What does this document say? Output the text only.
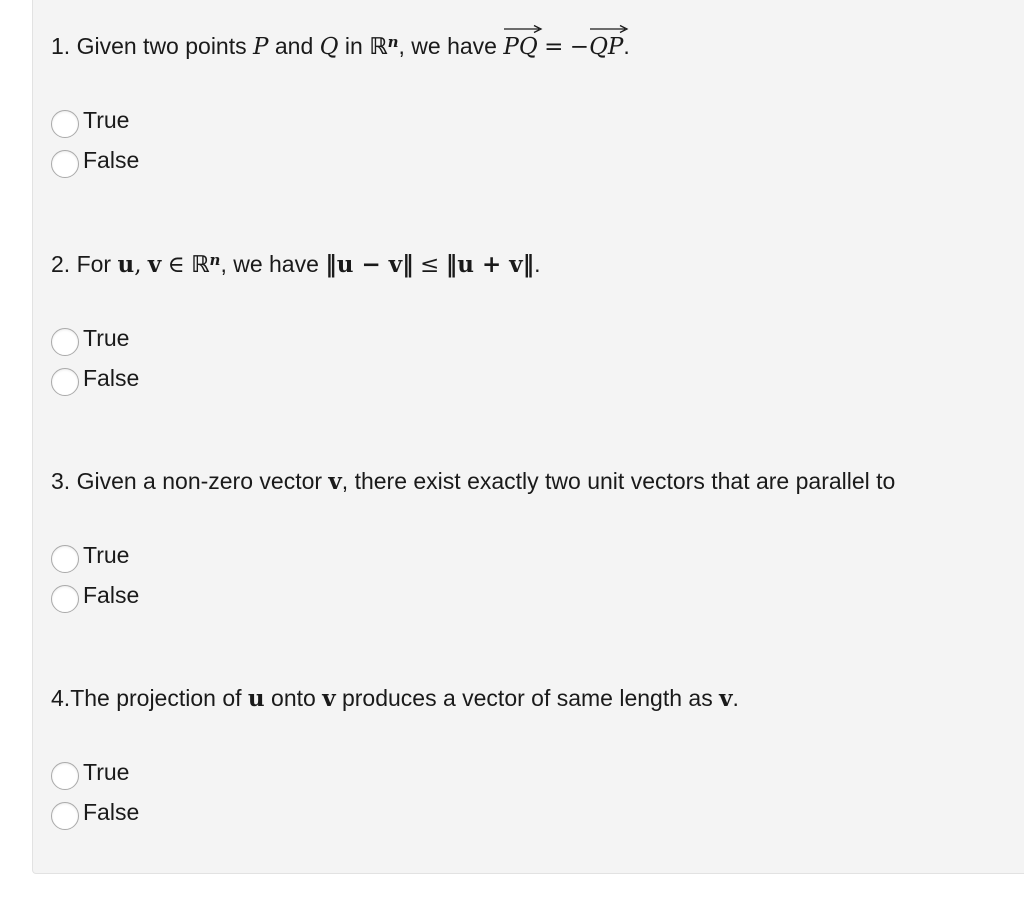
1. Given two points P and Q in ℝ$^n$, we have PQ = −
QP.
True
False
2. For u, v ∈ ℝ$^n$, we have ‖u − v‖ ≤ ‖u + v‖.
True
False
3. Given a non-zero vector v, there exist exactly two unit vectors that are parallel to
True
False
4.The projection of u onto v produces a vector of same length as v.
True
False
